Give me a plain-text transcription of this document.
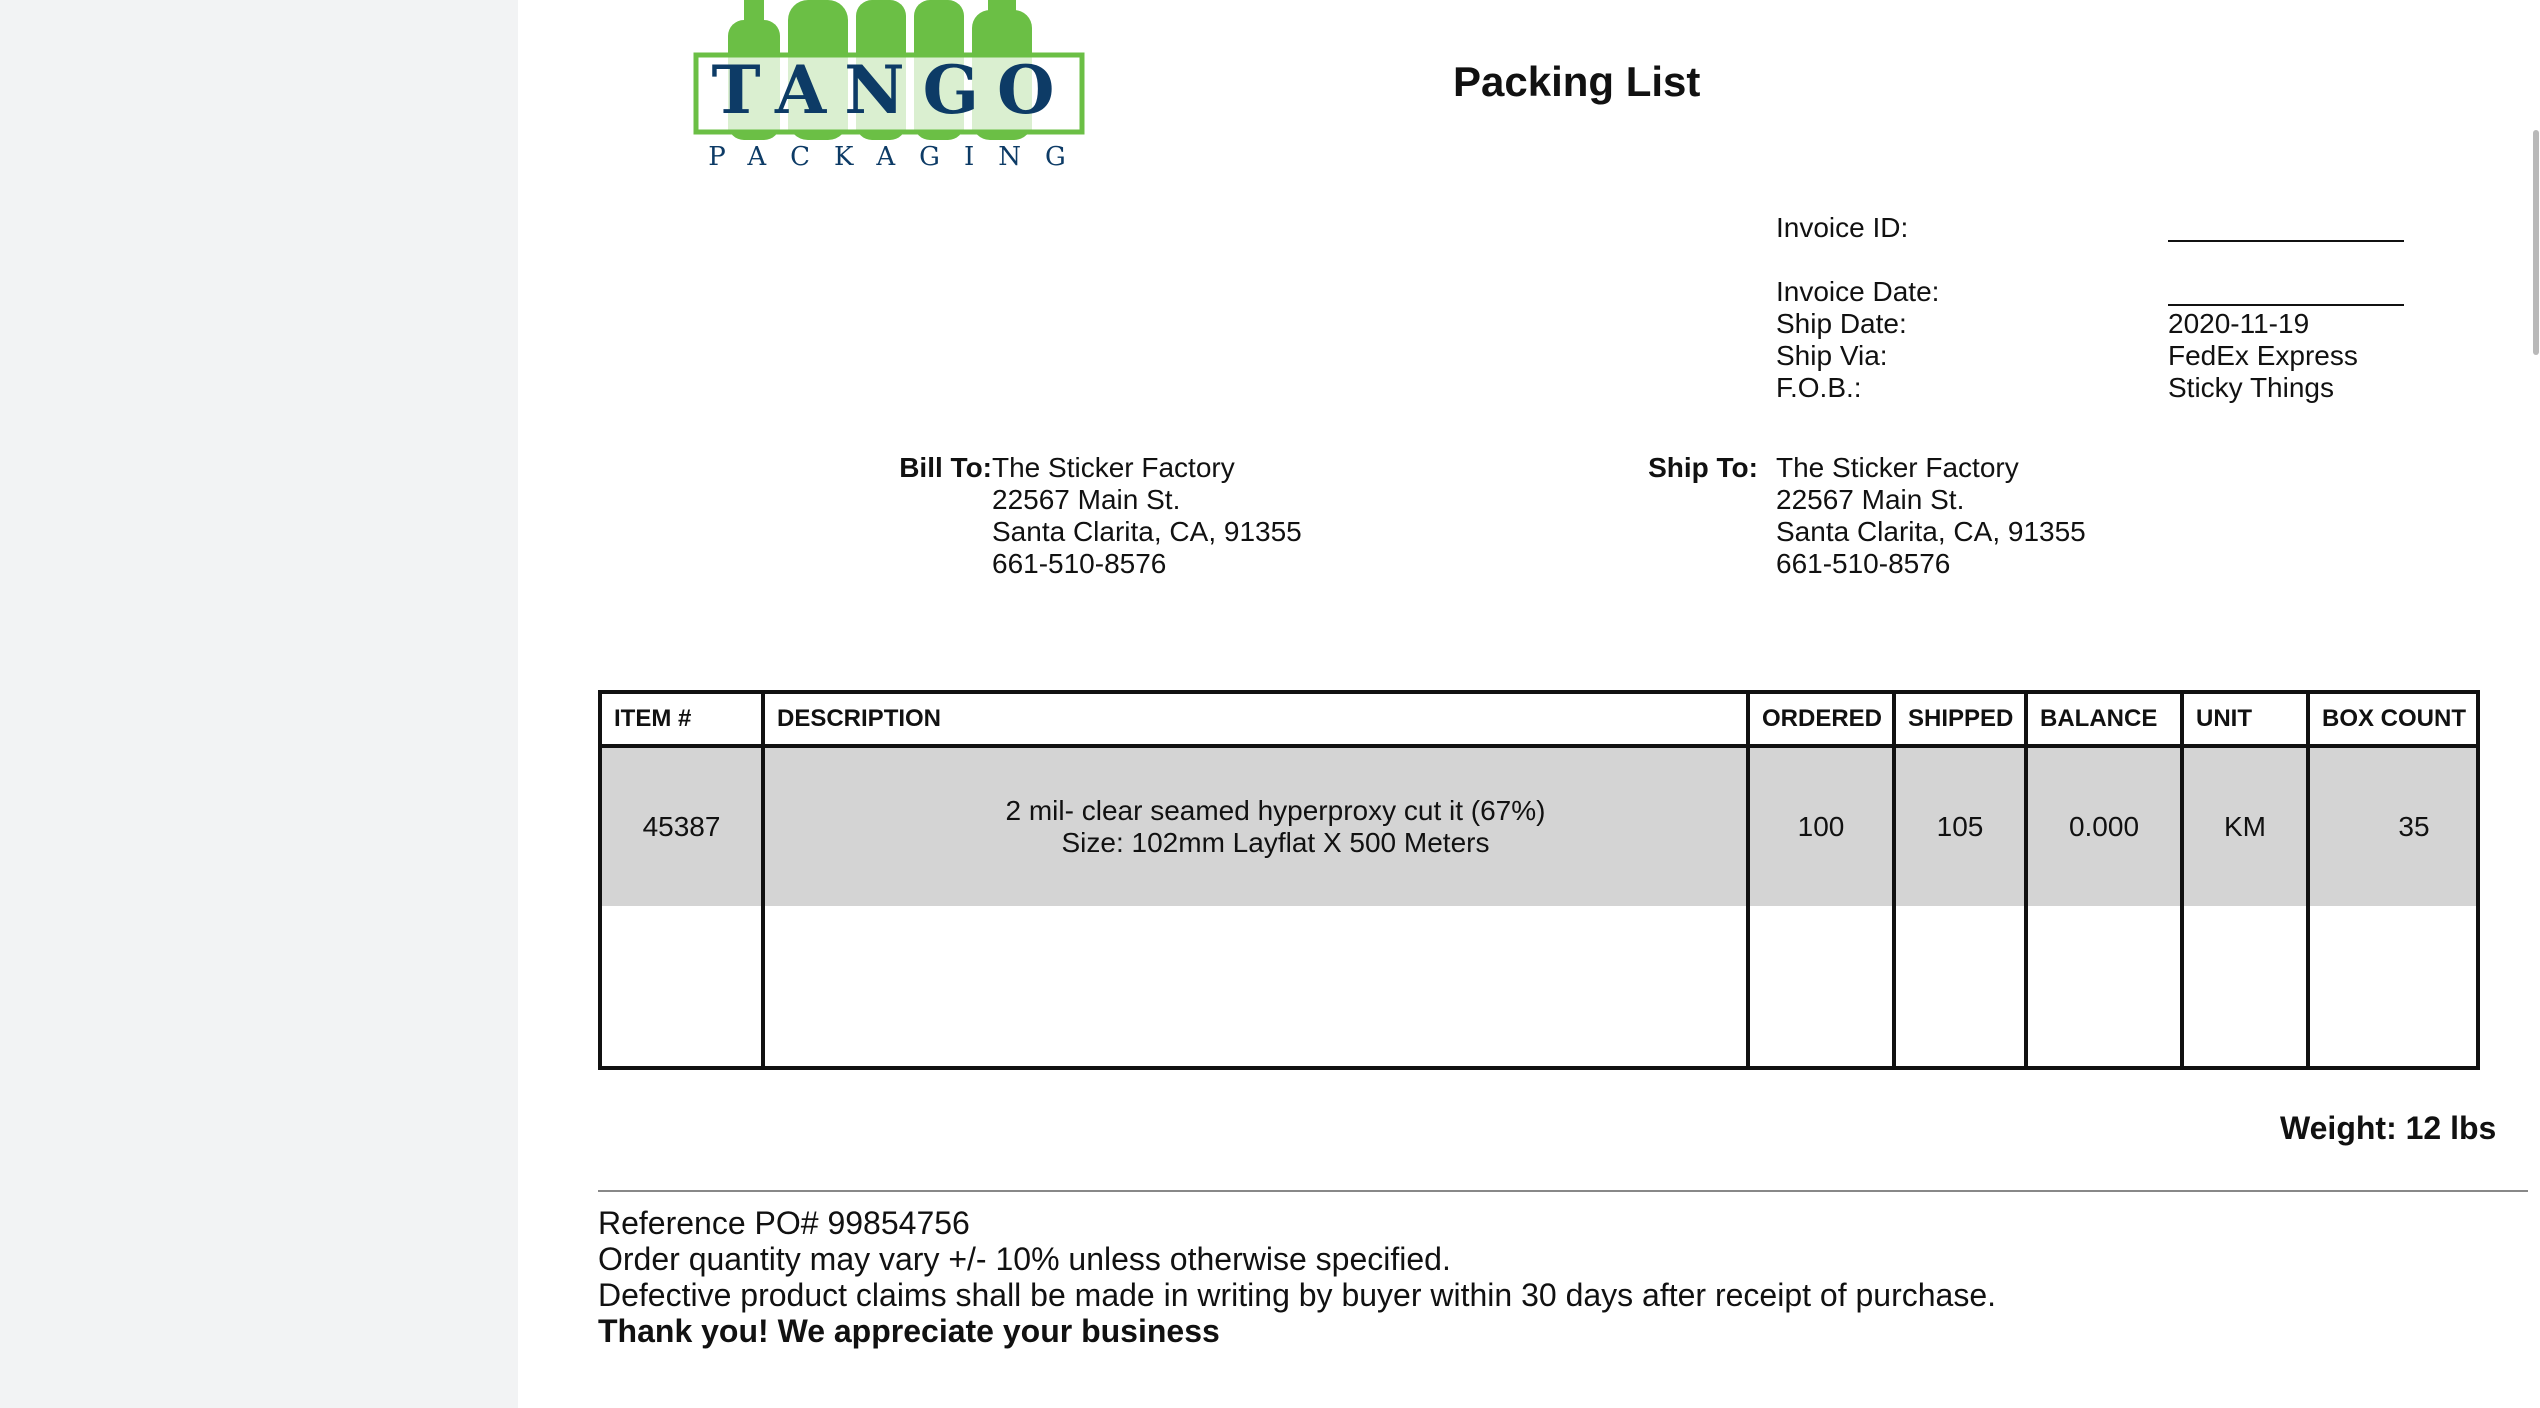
TANGO
PACKAGING
Packing List
Invoice ID:
Invoice Date:
Ship Date:	2020-11-19
Ship Via:	FedEx Express
F.O.B.:	Sticky Things
Bill To: The Sticker Factory
22567 Main St.
Santa Clarita, CA, 91355
661-510-8576
Ship To: The Sticker Factory
22567 Main St.
Santa Clarita, CA, 91355
661-510-8576
ITEM #	DESCRIPTION	ORDERED	SHIPPED	BALANCE	UNIT	BOX COUNT
45387	2 mil- clear seamed hyperproxy cut it (67%)
Size: 102mm Layflat X 500 Meters	100	105	0.000	KM	35

Weight: 12 lbs
Reference PO# 99854756
Order quantity may vary +/- 10% unless otherwise specified.
Defective product claims shall be made in writing by buyer within 30 days after receipt of purchase.
Thank you! We appreciate your business
